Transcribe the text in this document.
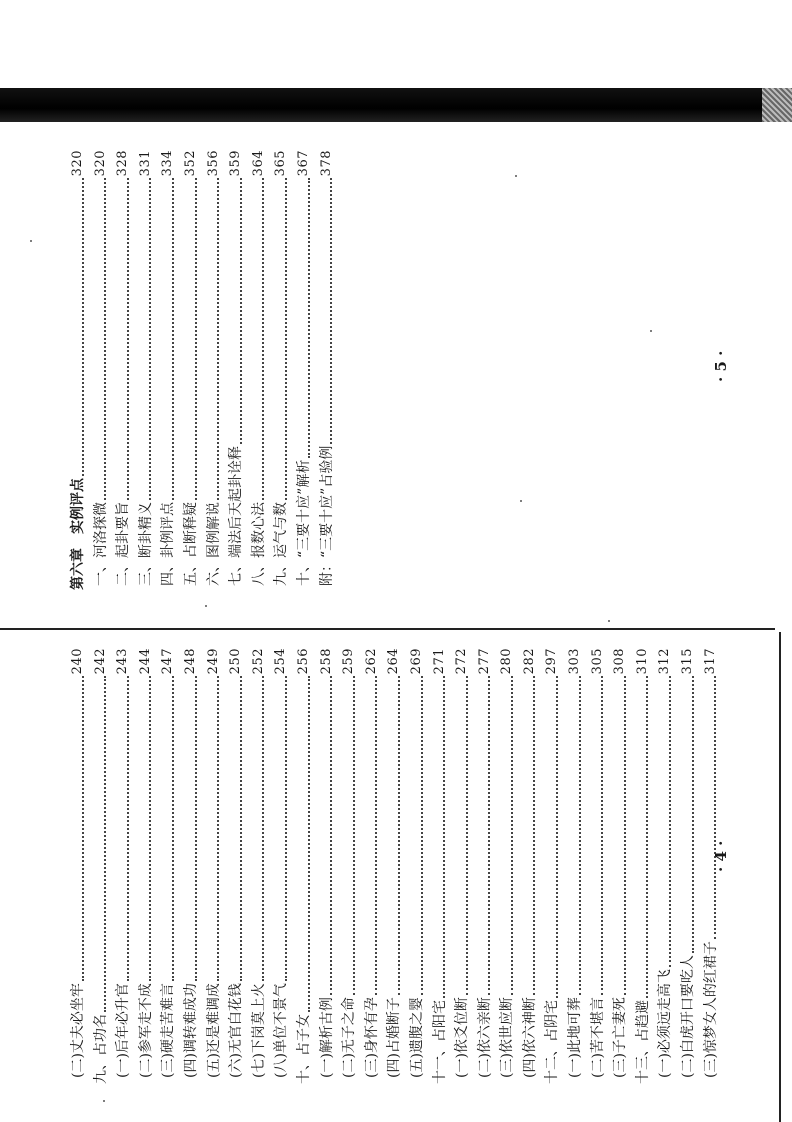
第六章　实例评点
320
一、河洛探微
320
二、起卦要旨
328
三、断卦精义
331
四、卦例评点
334
五、占断释疑
352
六、图例解说
356
七、端法后天起卦诠释
359
八、报数心法
364
九、运气与数
365
十、“三要十应”解析
367
附：“三要十应”占验例
378
(二)丈夫必坐牢
240
九、占功名
242
(一)后年必升官
243
(二)参军走不成
244
(三)硬走苦难言
247
(四)调转难成功
248
(五)还是难调成
249
(六)无官白花钱
250
(七)下岗莫上火
252
(八)单位不景气
254
十、占子女
256
(一)解析古例
258
(二)无子之命
259
(三)身怀有孕
262
(四)占婚断子
264
(五)遗腹之婴
269
十一、占阳宅
271
(一)依爻位断
272
(二)依六亲断
277
(三)依世应断
280
(四)依六神断
282
十二、占阴宅
297
(一)此地可葬
303
(二)苦不堪言
305
(三)子亡妻死
308
十三、占趋避
310
(一)必须远走高飞
312
(二)白虎开口要吃人
315
(三)惊梦女人的红裙子
317
· 5 ·
· 4 ·
